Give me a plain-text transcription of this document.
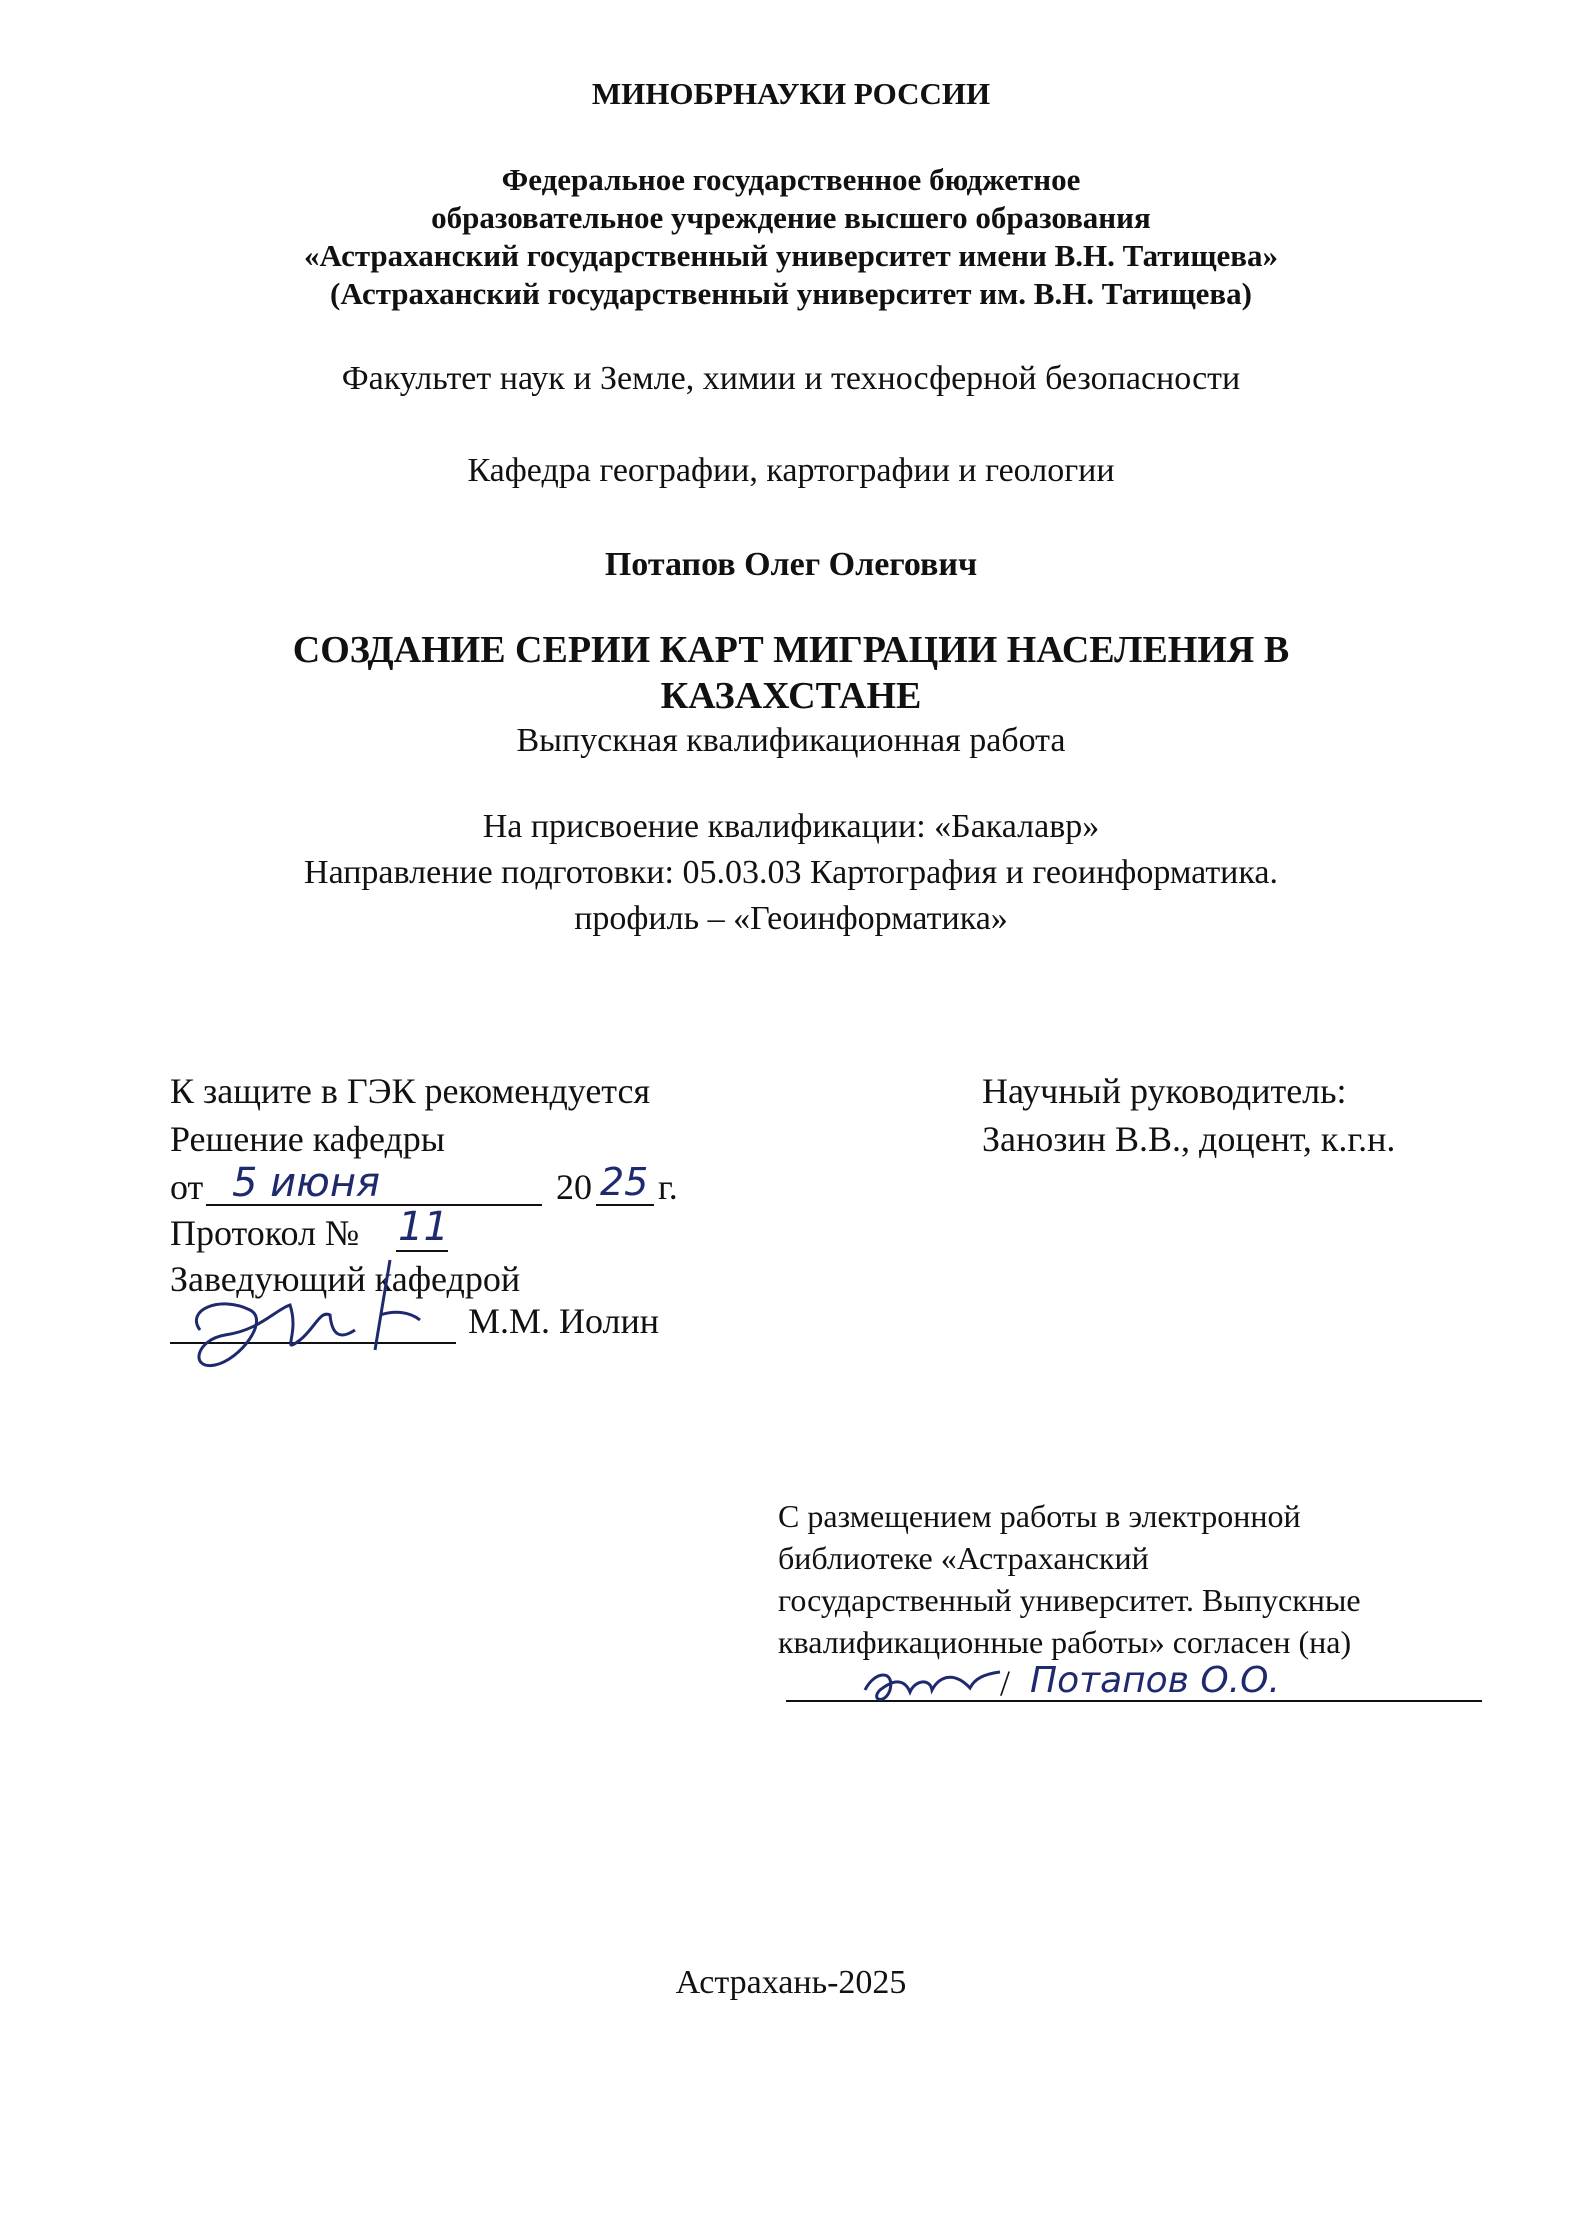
МИНОБРНАУКИ РОССИИ
Федеральное государственное бюджетное
образовательное учреждение высшего образования
«Астраханский государственный университет имени В.Н. Татищева»
(Астраханский государственный университет им. В.Н. Татищева)
Факультет наук и Земле, химии и техносферной безопасности
Кафедра географии, картографии и геологии
Потапов Олег Олегович
СОЗДАНИЕ СЕРИИ КАРТ МИГРАЦИИ НАСЕЛЕНИЯ В
КАЗАХСТАНЕ
Выпускная квалификационная работа
На присвоение квалификации: «Бакалавр»
Направление подготовки: 05.03.03 Картография и геоинформатика.
профиль – «Геоинформатика»
К защите в ГЭК рекомендуется
Решение кафедры
от 5 июня	20 25 г.
Протокол № 11
Заведующий кафедрой
М.М. Иолин
Научный руководитель:
Занозин В.В., доцент, к.г.н.
С размещением работы в электронной
библиотеке «Астраханский
государственный университет. Выпускные
квалификационные работы» согласен (на)
/ Потапов О.О.
Астрахань-2025
